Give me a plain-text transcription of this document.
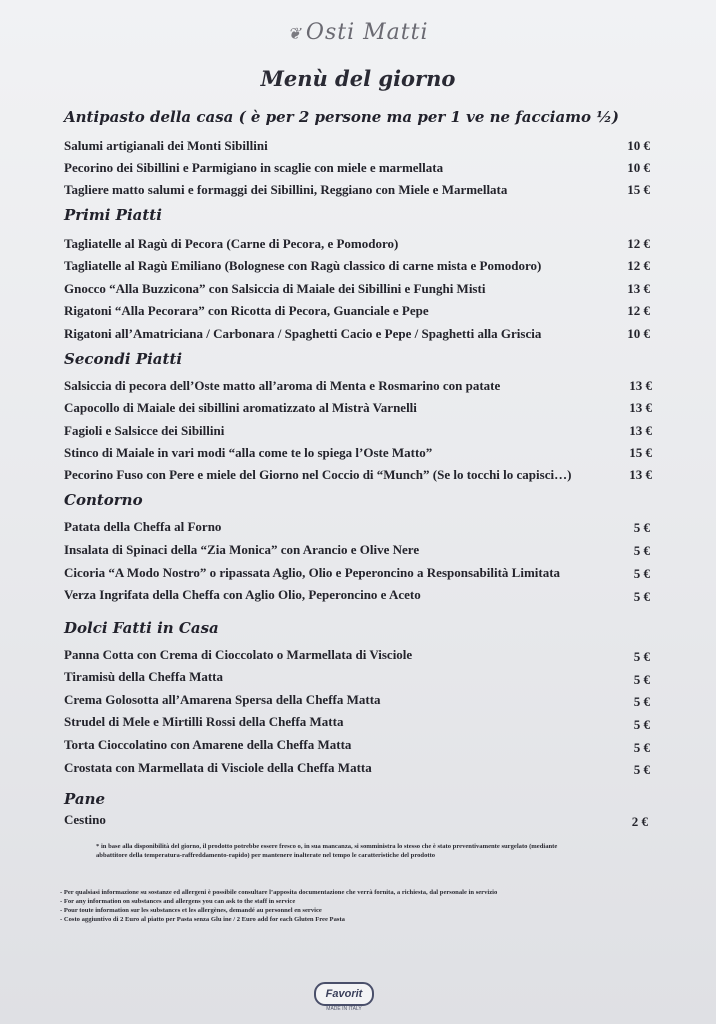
❦ Osti Matti
Menù del giorno
Antipasto della casa ( è per 2 persone ma per 1 ve ne facciamo ½)
Salumi artigianali dei Monti Sibillini	10 €
Pecorino dei Sibillini e Parmigiano in scaglie con miele e marmellata	10 €
Tagliere matto salumi e formaggi dei Sibillini, Reggiano con Miele e Marmellata	15 €
Primi Piatti
Tagliatelle al Ragù di Pecora (Carne di Pecora, e Pomodoro)	12 €
Tagliatelle al Ragù Emiliano (Bolognese con Ragù classico di carne mista e Pomodoro)	12 €
Gnocco “Alla Buzzicona” con Salsiccia di Maiale dei Sibillini e Funghi Misti	13 €
Rigatoni “Alla Pecorara” con Ricotta di Pecora, Guanciale e Pepe	12 €
Rigatoni all’Amatriciana / Carbonara / Spaghetti Cacio e Pepe / Spaghetti alla Griscia	10 €
Secondi Piatti
Salsiccia di pecora dell’Oste matto all’aroma di Menta e Rosmarino con patate	13 €
Capocollo di Maiale dei sibillini aromatizzato al Mistrà Varnelli	13 €
Fagioli e Salsicce dei Sibillini	13 €
Stinco di Maiale in vari modi “alla come te lo spiega l’Oste Matto”	15 €
Pecorino Fuso con Pere e miele del Giorno nel Coccio di “Munch” (Se lo tocchi lo capisci…)	13 €
Contorno
Patata della Cheffa al Forno	5 €
Insalata di Spinaci della “Zia Monica” con Arancio e Olive Nere	5 €
Cicoria “A Modo Nostro” o ripassata Aglio, Olio e Peperoncino a Responsabilità Limitata	5 €
Verza Ingrifata della Cheffa con Aglio Olio, Peperoncino e Aceto	5 €
Dolci Fatti in Casa
Panna Cotta con Crema di Cioccolato o Marmellata di Visciole	5 €
Tiramisù della Cheffa Matta	5 €
Crema Golosotta all’Amarena Spersa della Cheffa Matta	5 €
Strudel di Mele e Mirtilli Rossi della Cheffa Matta	5 €
Torta Cioccolatino con Amarene della Cheffa Matta	5 €
Crostata con Marmellata di Visciole della Cheffa Matta	5 €
Pane
Cestino	2 €
* in base alla disponibilità del giorno, il prodotto potrebbe essere fresco o, in sua mancanza, si somministra lo stesso che è stato preventivamente surgelato (mediante abbattitore della temperatura-raffreddamento-rapido) per mantenere inalterate nel tempo le caratteristiche del prodotto
- Per qualsiasi informazione su sostanze ed allergeni è possibile consultare l’apposita documentazione che verrà fornita, a richiesta, dal personale in servizio
- For any information on substances and allergens you can ask to the staff in service
- Pour toute information sur les substances et les allergènes, demandé au personnel en service
- Costo aggiuntivo di 2 Euro al piatto per Pasta senza Glu ine / 2 Euro add for each Gluten Free Pasta
Favorit
MADE IN ITALY
